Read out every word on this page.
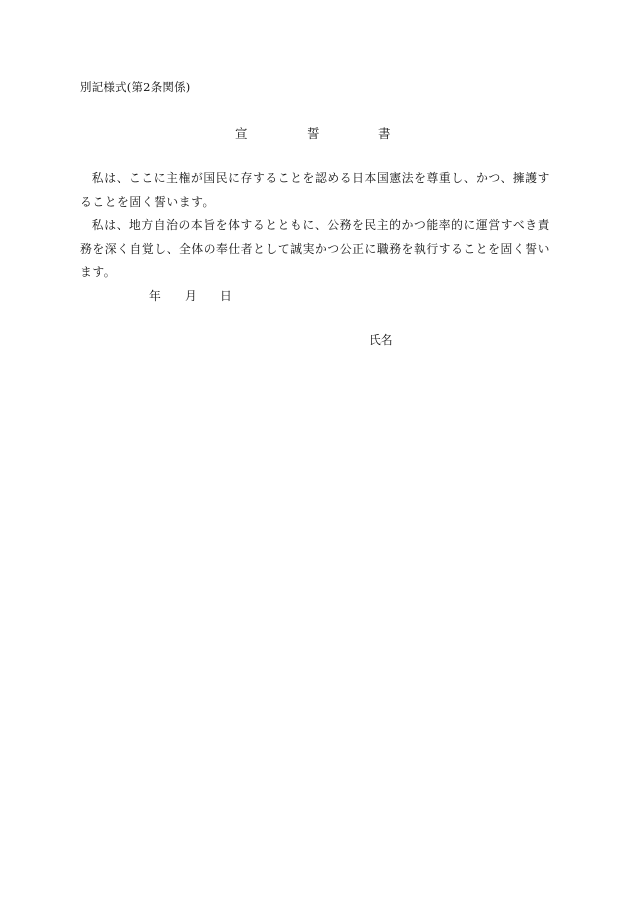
別記様式(第2条関係)
宣	誓	書

私は、ここに主権が国民に存することを認める日本国憲法を尊重し、かつ、擁護することを固く誓います。

私は、地方自治の本旨を体するとともに、公務を民主的かつ能率的に運営すべき責務を深く自覚し、全体の奉仕者として誠実かつ公正に職務を執行することを固く誓います。

年 月 日
氏名
